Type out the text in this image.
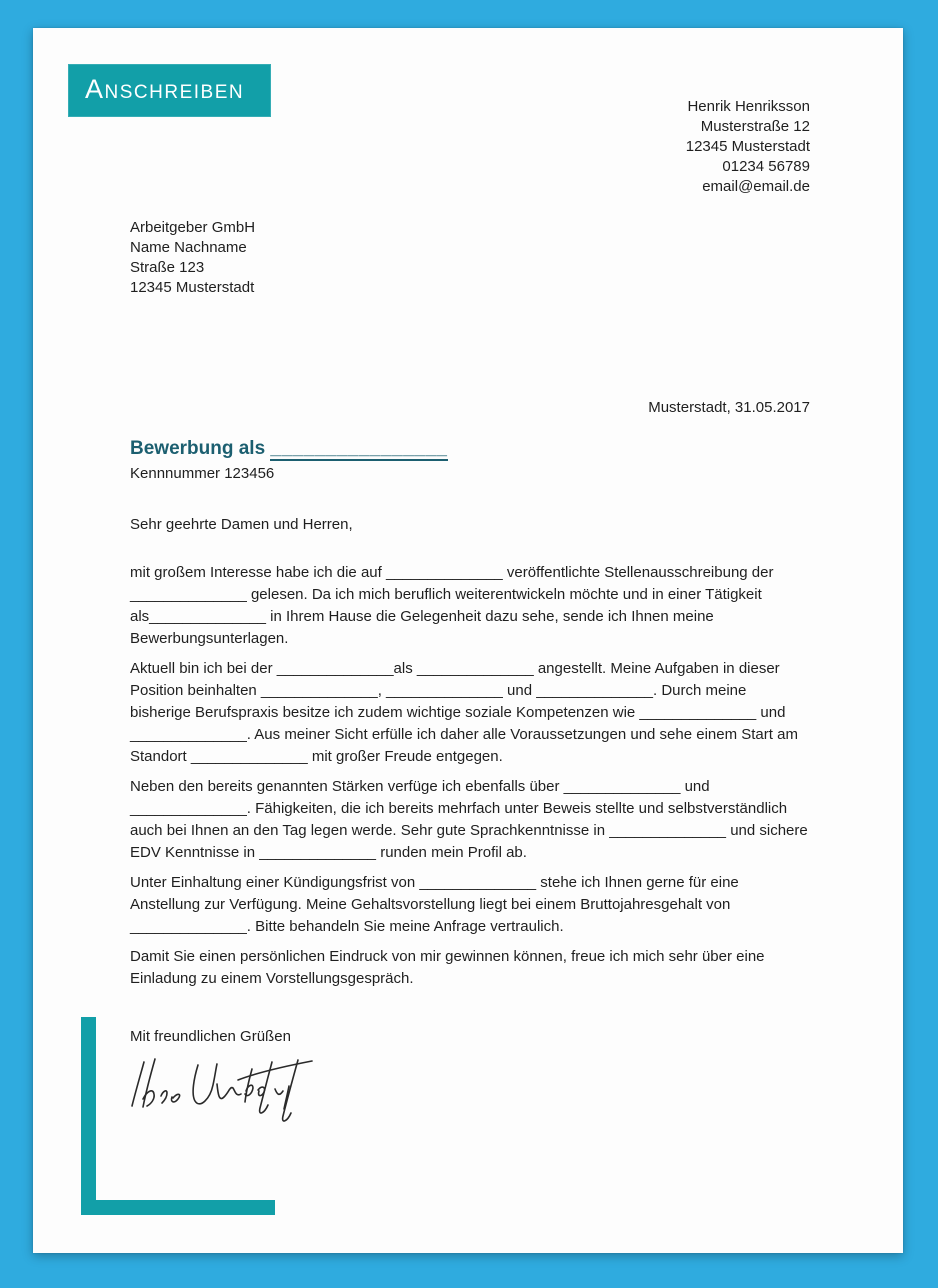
Anschreiben
Henrik Henriksson
Musterstraße 12
12345 Musterstadt
01234 56789
email@email.de
Arbeitgeber GmbH
Name Nachname
Straße 123
12345 Musterstadt
Musterstadt, 31.05.2017
Bewerbung als ________________
Kennnummer 123456
Sehr geehrte Damen und Herren,

mit großem Interesse habe ich die auf ______________ veröffentlichte Stellenausschreibung der ______________ gelesen. Da ich mich beruflich weiterentwickeln möchte und in einer Tätigkeit als______________ in Ihrem Hause die Gelegenheit dazu sehe, sende ich Ihnen meine Bewerbungsunterlagen.

Aktuell bin ich bei der ______________als ______________ angestellt. Meine Aufgaben in dieser Position beinhalten ______________, ______________ und ______________. Durch meine bisherige Berufspraxis besitze ich zudem wichtige soziale Kompetenzen wie ______________ und ______________. Aus meiner Sicht erfülle ich daher alle Voraussetzungen und sehe einem Start am Standort ______________ mit großer Freude entgegen.

Neben den bereits genannten Stärken verfüge ich ebenfalls über ______________ und ______________. Fähigkeiten, die ich bereits mehrfach unter Beweis stellte und selbstverständlich auch bei Ihnen an den Tag legen werde. Sehr gute Sprachkenntnisse in ______________ und sichere EDV Kenntnisse in ______________ runden mein Profil ab.

Unter Einhaltung einer Kündigungsfrist von ______________ stehe ich Ihnen gerne für eine Anstellung zur Verfügung. Meine Gehaltsvorstellung liegt bei einem Bruttojahresgehalt von ______________. Bitte behandeln Sie meine Anfrage vertraulich.

Damit Sie einen persönlichen Eindruck von mir gewinnen können, freue ich mich sehr über eine Einladung zu einem Vorstellungsgespräch.

Mit freundlichen Grüßen
